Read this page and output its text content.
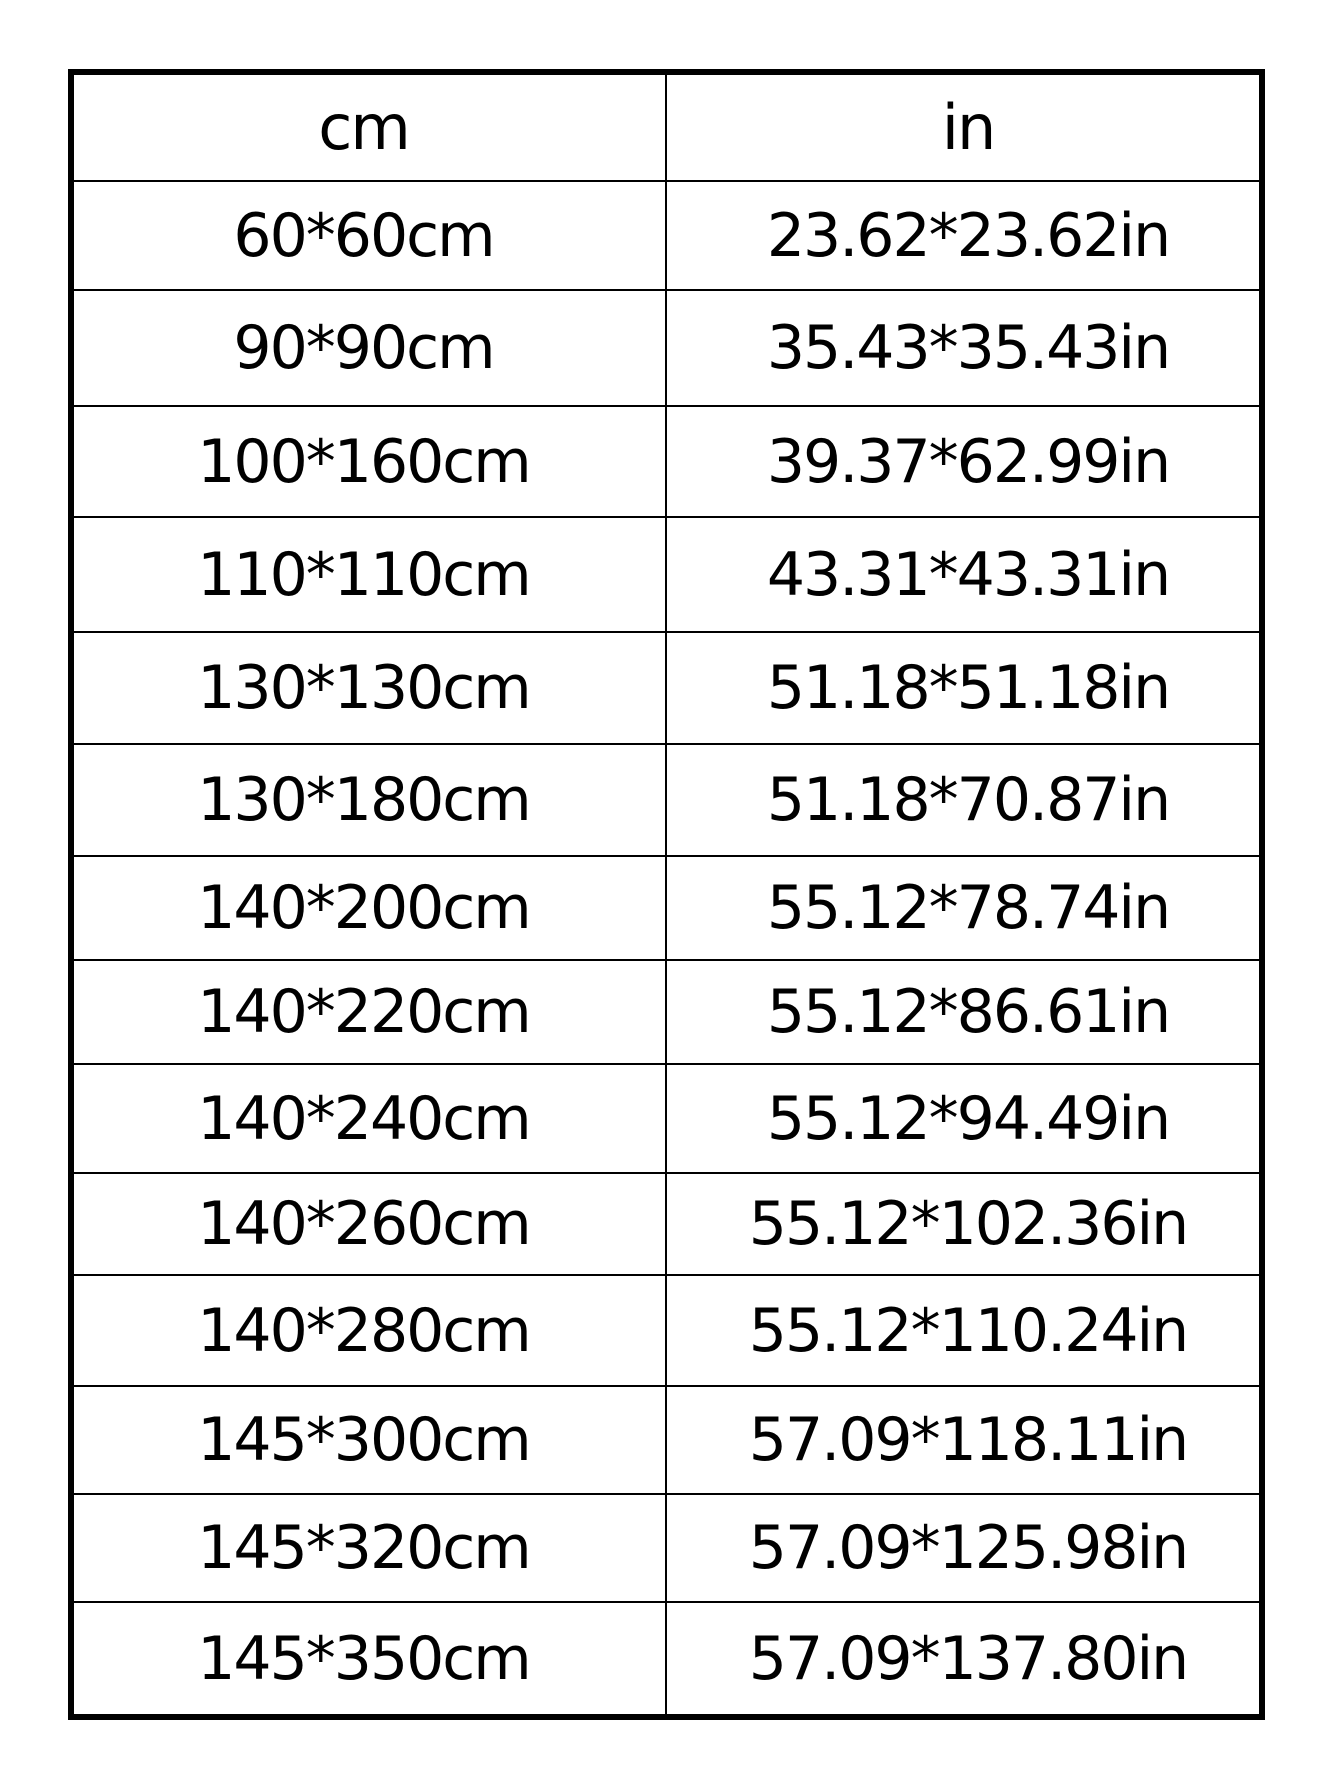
cm	in
60*60cm	23.62*23.62in
90*90cm	35.43*35.43in
100*160cm	39.37*62.99in
110*110cm	43.31*43.31in
130*130cm	51.18*51.18in
130*180cm	51.18*70.87in
140*200cm	55.12*78.74in
140*220cm	55.12*86.61in
140*240cm	55.12*94.49in
140*260cm	55.12*102.36in
140*280cm	55.12*110.24in
145*300cm	57.09*118.11in
145*320cm	57.09*125.98in
145*350cm	57.09*137.80in
